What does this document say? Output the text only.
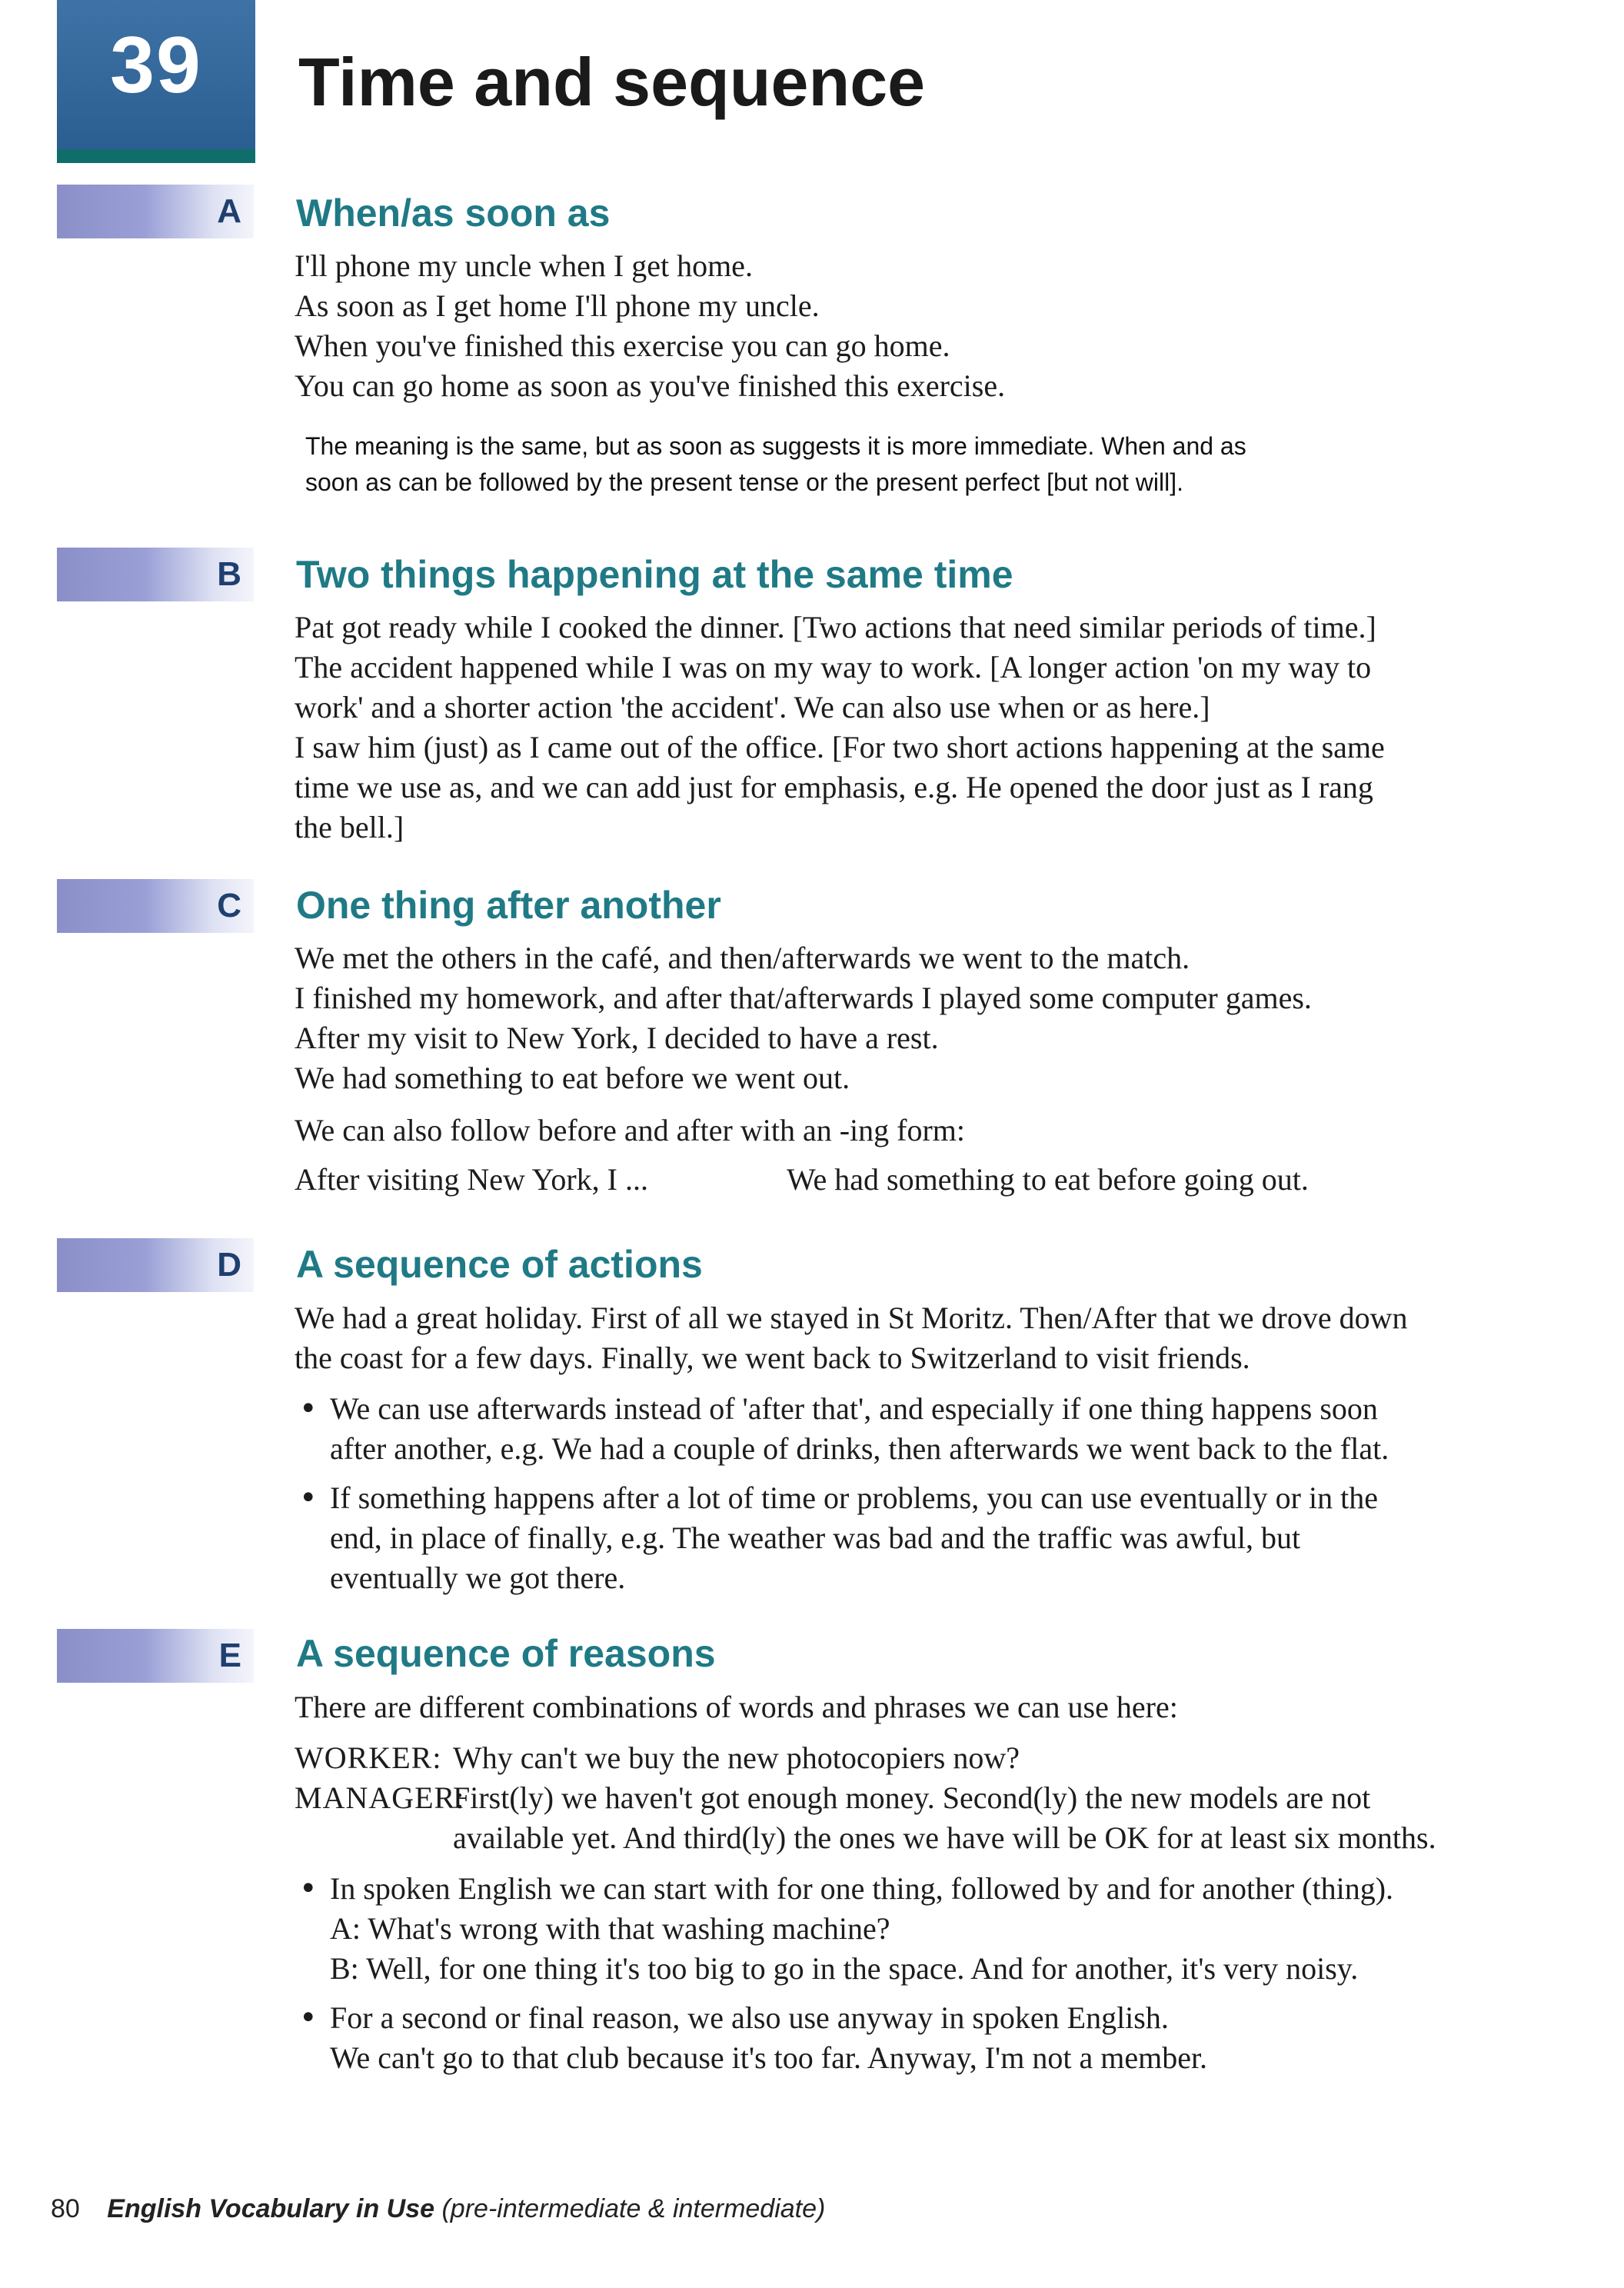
39	Time and sequence
A When/as soon as

I'll phone my uncle when I get home.

As soon as I get home I'll phone my uncle.

When you've finished this exercise you can go home.

You can go home as soon as you've finished this exercise.

The meaning is the same, but as soon as suggests it is more immediate. When and as

soon as can be followed by the present tense or the present perfect [but not will].

B Two things happening at the same time

Pat got ready while I cooked the dinner. [Two actions that need similar periods of time.]

The accident happened while I was on my way to work. [A longer action 'on my way to

work' and a shorter action 'the accident'. We can also use when or as here.]

I saw him (just) as I came out of the office. [For two short actions happening at the same

time we use as, and we can add just for emphasis, e.g. He opened the door just as I rang

the bell.]

C One thing after another

We met the others in the café, and then/afterwards we went to the match.

I finished my homework, and after that/afterwards I played some computer games.

After my visit to New York, I decided to have a rest.

We had something to eat before we went out.

We can also follow before and after with an -ing form:

After visiting New York, I ...	We had something to eat before going out.

D A sequence of actions

We had a great holiday. First of all we stayed in St Moritz. Then/After that we drove down

the coast for a few days. Finally, we went back to Switzerland to visit friends.

• We can use afterwards instead of 'after that', and especially if one thing happens soon
after another, e.g. We had a couple of drinks, then afterwards we went back to the flat.
• If something happens after a lot of time or problems, you can use eventually or in the
end, in place of finally, e.g. The weather was bad and the traffic was awful, but
eventually we got there.
E A sequence of reasons

There are different combinations of words and phrases we can use here:

WORKER: Why can't we buy the new photocopiers now?
MANAGER:
First(ly) we haven't got enough money. Second(ly) the new models are not
available yet. And third(ly) the ones we have will be OK for at least six months.
• In spoken English we can start with for one thing, followed by and for another (thing).
A: What's wrong with that washing machine?
B: Well, for one thing it's too big to go in the space. And for another, it's very noisy.
• For a second or final reason, we also use anyway in spoken English.
We can't go to that club because it's too far. Anyway, I'm not a member.
80 English Vocabulary in Use (pre-intermediate & intermediate)
